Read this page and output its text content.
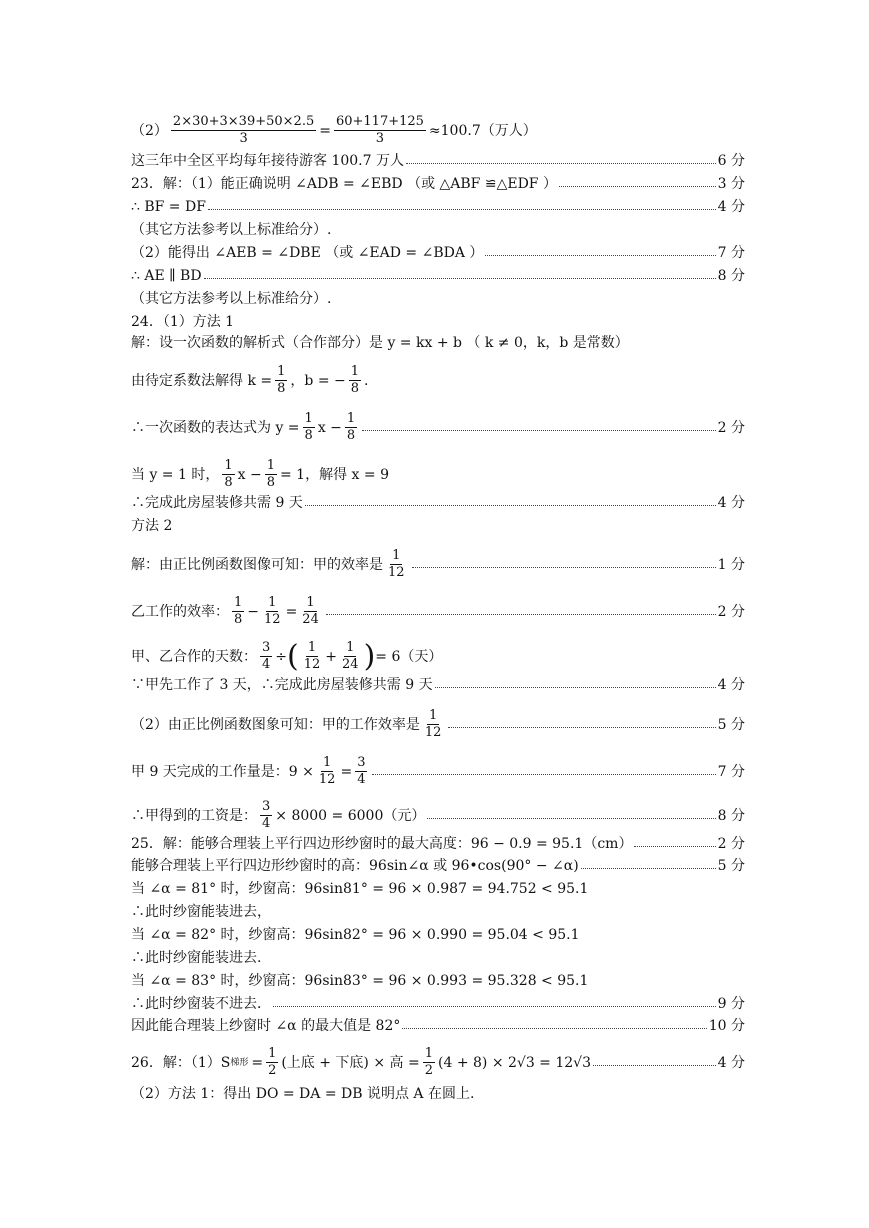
$(2) \frac{2\times 30+3\times 39+50\times 2.5}{3} = \frac{60+117+125}{3} \approx 100.7$（万人）
这三年中全区平均每年接待游客 100.7 万人	6 分
23．解：（1）能正确说明 ∠ADB = ∠EBD （或 △ABF ≌△EDF ）	3 分
∴ BF = DF	4 分
（其它方法参考以上标准给分）.
（2）能得出 ∠AEB = ∠DBE （或 ∠EAD = ∠BDA ）	7 分
∴ AE ∥ BD	8 分
（其它方法参考以上标准给分）.
24．（1）方法 1
解：设一次函数的解析式（合作部分）是 y = kx + b （ k ≠ 0，k，b 是常数）
由待定系数法解得 $k = \frac{1}{8}$ ，b = − $\frac{1}{8}$ .
∴一次函数的表达式为 $y = \frac{1}{8}$ $x - \frac{1}{8}$	2 分
当 y = 1 时， $\frac{1}{8}$ $x - \frac{1}{8} = 1$，解得 x = 9
∴完成此房屋装修共需 9 天	4 分
方法 2
解：由正比例函数图像可知：甲的效率是 $\frac{1}{12}$	1 分
乙工作的效率： $\frac{1}{8} - \frac{1}{12} = \frac{1}{24}$	2 分
甲、乙合作的天数： $\frac{3}{4}$ ÷ ( $\frac{1}{12} + \frac{1}{24}$ ) = 6（天）
∵甲先工作了 3 天，∴完成此房屋装修共需 9 天	4 分
（2）由正比例函数图象可知：甲的工作效率是 $\frac{1}{12}$	5 分
甲 9 天完成的工作量是：$9 \times \frac{1}{12} = \frac{3}{4}$	7 分
∴甲得到的工资是： $\frac{3}{4} \times 8000 = 6000$（元）	8 分
25．解：能够合理装上平行四边形纱窗时的最大高度：96 − 0.9 = 95.1（cm）	2 分
能够合理装上平行四边形纱窗时的高：96sin∠α 或 96•cos(90° − ∠α)	5 分
当 ∠α = 81° 时，纱窗高：96sin81° = 96 × 0.987 = 94.752 < 95.1
∴此时纱窗能装进去，
当 ∠α = 82° 时，纱窗高：96sin82° = 96 × 0.990 = 95.04 < 95.1
∴此时纱窗能装进去.
当 ∠α = 83° 时，纱窗高：96sin83° = 96 × 0.993 = 95.328 < 95.1
∴此时纱窗装不进去．	9 分
因此能合理装上纱窗时 ∠α 的最大值是 82°	10 分
26．解：（1）S 梯形 = $\frac{1}{2}$ (上底 + 下底) × 高 = $\frac{1}{2} (4 + 8) \times 2√3 = 12√3$	4 分
（2）方法 1：得出 DO = DA = DB 说明点 A 在圆上.
